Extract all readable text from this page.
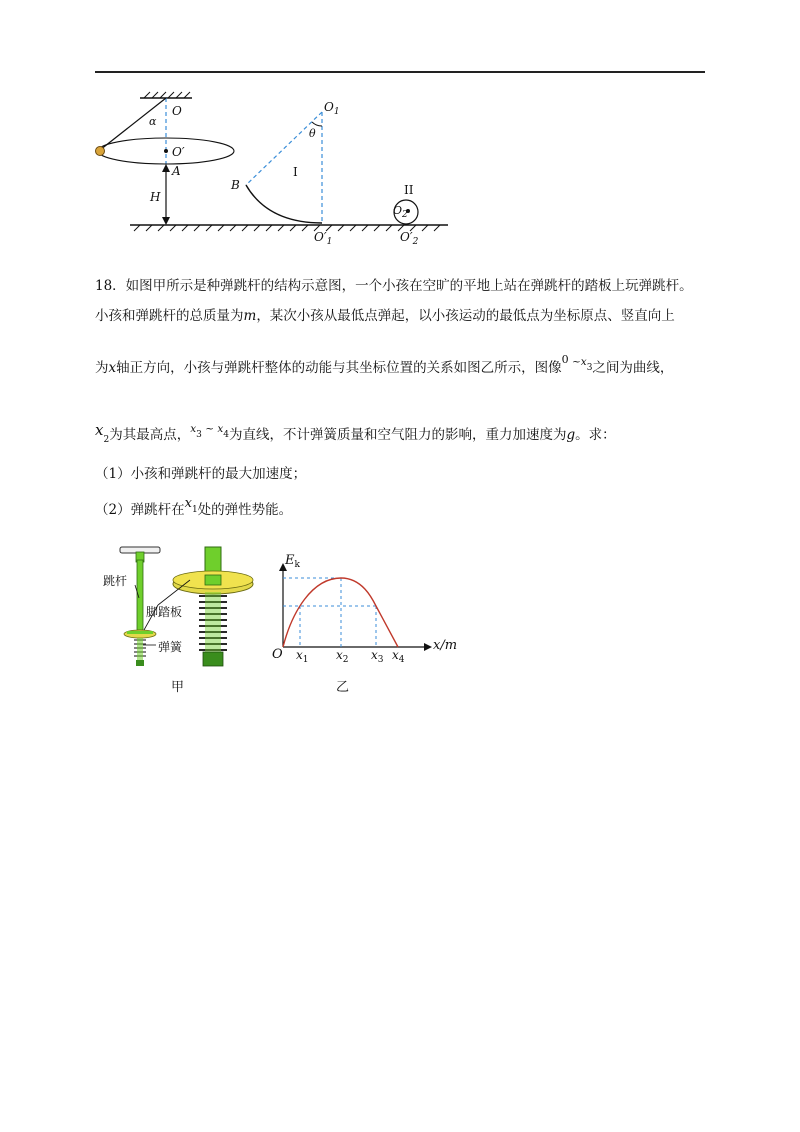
O
α
O′
A
H
$O_1$
θ
B
I
$O'_1$
II
$O_2$
$O'_2$
18．如图甲所示是种弹跳杆的结构示意图，一个小孩在空旷的平地上站在弹跳杆的踏板上玩弹跳杆。
小孩和弹跳杆的总质量为m，某次小孩从最低点弹起，以小孩运动的最低点为坐标原点、竖直向上
为x轴正方向，小孩与弹跳杆整体的动能与其坐标位置的关系如图乙所示，图像$^0$ $^{\sim x}_3$之间为曲线，
$x_2$为其最高点，$^x_3$ ~ $^x_4$为直线，不计弹簧质量和空气阻力的影响，重力加速度为g。求：
（1）小孩和弹跳杆的最大加速度；
（2）弹跳杆在$x_1$处的弹性势能。
跳杆
脚踏板
弹簧
甲
$E_k$
x/m
O $x_1$ $x_2$ $x_3$ $x_4$
乙
